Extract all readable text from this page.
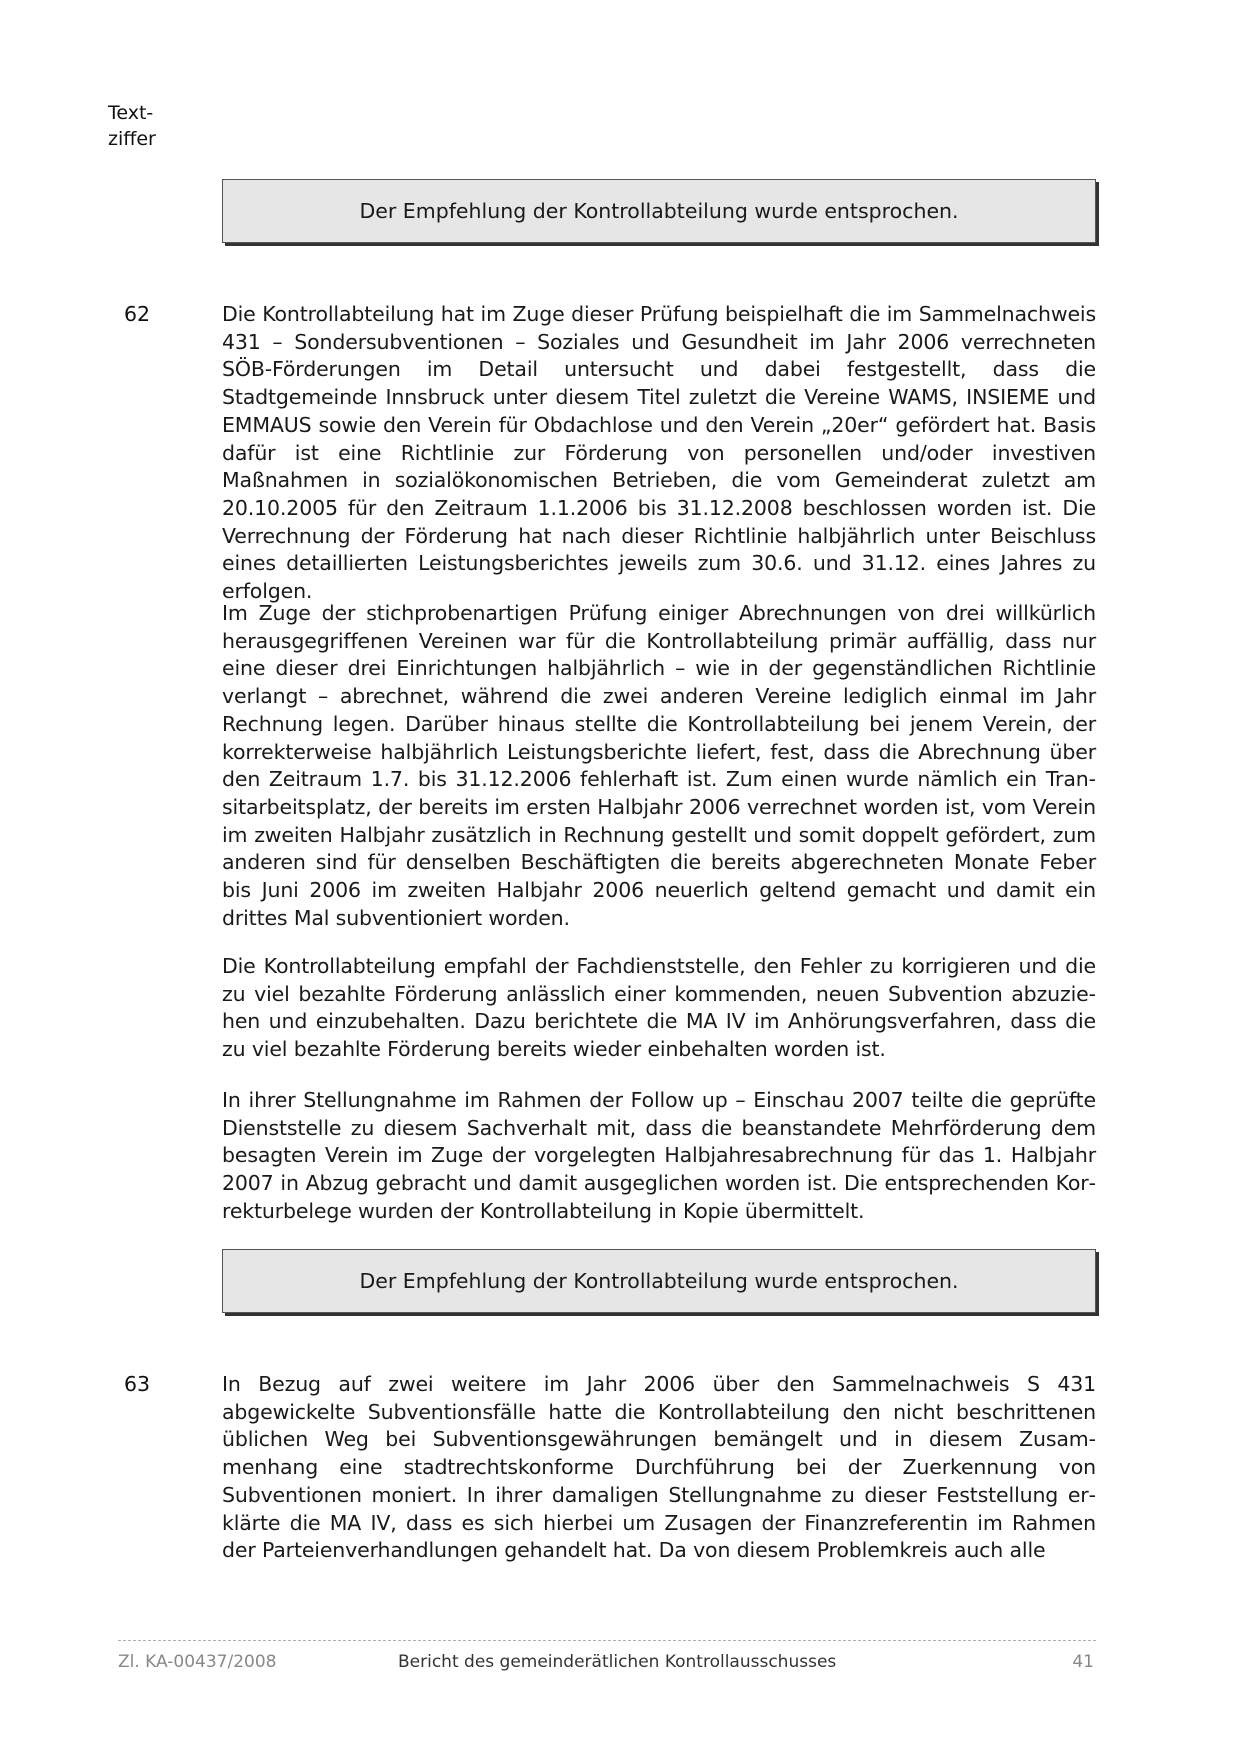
Text-
ziffer
Der Empfehlung der Kontrollabteilung wurde entsprochen.
62	Die Kontrollabteilung hat im Zuge dieser Prüfung beispielhaft die im Sammelnachweis 431 – Sondersubventionen – Soziales und Gesundheit im Jahr 2006 verrechneten SÖB-Förderungen im Detail untersucht und dabei festgestellt, dass die Stadtgemeinde Innsbruck unter diesem Titel zuletzt die Vereine WAMS, INSIEME und EMMAUS sowie den Verein für Obdachlose und den Verein „20er“ gefördert hat. Basis dafür ist eine Richtlinie zur Förderung von personellen und/oder investiven Maßnahmen in sozialökonomischen Betrieben, die vom Gemeinderat zuletzt am 20.10.2005 für den Zeitraum 1.1.2006 bis 31.12.2008 beschlossen worden ist. Die Verrechnung der Förderung hat nach dieser Richtlinie halbjährlich unter Beischluss eines detaillierten Leistungsberichtes jeweils zum 30.6. und 31.12. eines Jahres zu erfolgen.
Im Zuge der stichprobenartigen Prüfung einiger Abrechnungen von drei willkürlich herausgegriffenen Vereinen war für die Kontrollabteilung primär auffällig, dass nur eine dieser drei Einrichtungen halbjährlich – wie in der gegenständlichen Richtlinie verlangt – abrechnet, während die zwei anderen Vereine lediglich einmal im Jahr Rechnung legen. Darüber hinaus stellte die Kontrollabteilung bei jenem Verein, der korrekterweise halbjährlich Leistungsberichte liefert, fest, dass die Abrechnung über den Zeitraum 1.7. bis 31.12.2006 fehlerhaft ist. Zum einen wurde nämlich ein Transitarbeitsplatz, der bereits im ersten Halbjahr 2006 verrechnet worden ist, vom Verein im zweiten Halbjahr zusätzlich in Rechnung gestellt und somit doppelt gefördert, zum anderen sind für denselben Beschäftigten die bereits abgerechneten Monate Feber bis Juni 2006 im zweiten Halbjahr 2006 neuerlich geltend gemacht und damit ein drittes Mal subventioniert worden.
Die Kontrollabteilung empfahl der Fachdienststelle, den Fehler zu korrigieren und die zu viel bezahlte Förderung anlässlich einer kommenden, neuen Subvention abzuziehen und einzubehalten. Dazu berichtete die MA IV im Anhörungsverfahren, dass die zu viel bezahlte Förderung bereits wieder einbehalten worden ist.
In ihrer Stellungnahme im Rahmen der Follow up – Einschau 2007 teilte die geprüfte Dienststelle zu diesem Sachverhalt mit, dass die beanstandete Mehrförderung dem besagten Verein im Zuge der vorgelegten Halbjahresabrechnung für das 1. Halbjahr 2007 in Abzug gebracht und damit ausgeglichen worden ist. Die entsprechenden Korrekturbelege wurden der Kontrollabteilung in Kopie übermittelt.
Der Empfehlung der Kontrollabteilung wurde entsprochen.
63	In Bezug auf zwei weitere im Jahr 2006 über den Sammelnachweis S 431 abgewickelte Subventionsfälle hatte die Kontrollabteilung den nicht beschrittenen üblichen Weg bei Subventionsgewährungen bemängelt und in diesem Zusammenhang eine stadtrechtskonforme Durchführung bei der Zuerkennung von Subventionen moniert. In ihrer damaligen Stellungnahme zu dieser Feststellung erklärte die MA IV, dass es sich hierbei um Zusagen der Finanzreferentin im Rahmen der Parteienverhandlungen gehandelt hat. Da von diesem Problemkreis auch alle
Zl. KA-00437/2008	Bericht des gemeinderätlichen Kontrollausschusses	41
